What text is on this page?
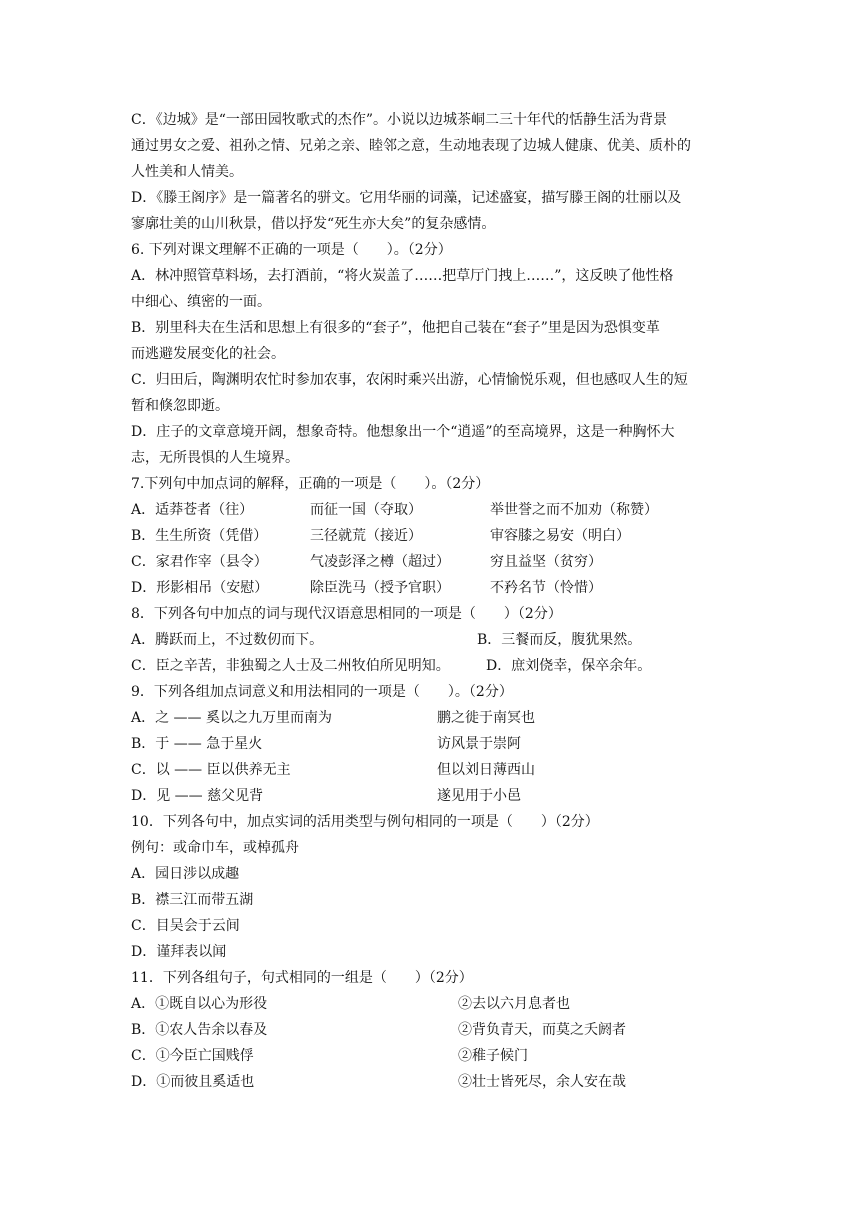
C．《边城》是“一部田园牧歌式的杰作”。小说以边城茶峒二三十年代的恬静生活为背景
通过男女之爱、祖孙之情、兄弟之亲、睦邻之意，生动地表现了边城人健康、优美、质朴的
人性美和人情美。
D．《滕王阁序》是一篇著名的骈文。它用华丽的词藻，记述盛宴，描写滕王阁的壮丽以及
寥廓壮美的山川秋景，借以抒发“死生亦大矣”的复杂感情。
6. 下列对课文理解不正确的一项是（　　）。（2分）
A．林冲照管草料场，去打酒前，“将火炭盖了……把草厅门拽上……”，这反映了他性格
中细心、缜密的一面。
B．别里科夫在生活和思想上有很多的“套子”，他把自己装在“套子”里是因为恐惧变革
而逃避发展变化的社会。
C．归田后，陶渊明农忙时参加农事，农闲时乘兴出游，心情愉悦乐观，但也感叹人生的短
暂和倏忽即逝。
D．庄子的文章意境开阔，想象奇特。他想象出一个“逍遥”的至高境界，这是一种胸怀大
志，无所畏惧的人生境界。
7.下列句中加点词的解释，正确的一项是（　　）。（2分）
A．适莽苍者（往）	而征一国（夺取）	举世誉之而不加劝（称赞）
B．生生所资（凭借）	三径就荒（接近）	审容膝之易安（明白）
C．家君作宰（县令）	气凌彭泽之樽（超过）	穷且益坚（贫穷）
D．形影相吊（安慰）	除臣洗马（授予官职）	不矜名节（怜惜）
8．下列各句中加点的词与现代汉语意思相同的一项是（　　）（2分）
A．腾跃而上，不过数仞而下。	B．三餐而反，腹犹果然。
C．臣之辛苦，非独蜀之人士及二州牧伯所见明知。	D．庶刘侥幸，保卒余年。
9．下列各组加点词意义和用法相同的一项是（　　）。（2分）
A．之 —— 奚以之九万里而南为	鹏之徙于南冥也
B．于 —— 急于星火	访风景于崇阿
C．以 —— 臣以供养无主	但以刘日薄西山
D．见 —— 慈父见背	遂见用于小邑
10．下列各句中，加点实词的活用类型与例句相同的一项是（　　）（2分）
例句：或命巾车，或棹孤舟
A．园日涉以成趣
B．襟三江而带五湖
C．目吴会于云间
D．谨拜表以闻
11．下列各组句子，句式相同的一组是（　　）（2分）
A．①既自以心为形役	②去以六月息者也
B．①农人告余以春及	②背负青天，而莫之夭阏者
C．①今臣亡国贱俘	②稚子候门
D．①而彼且奚适也	②壮士皆死尽，余人安在哉
